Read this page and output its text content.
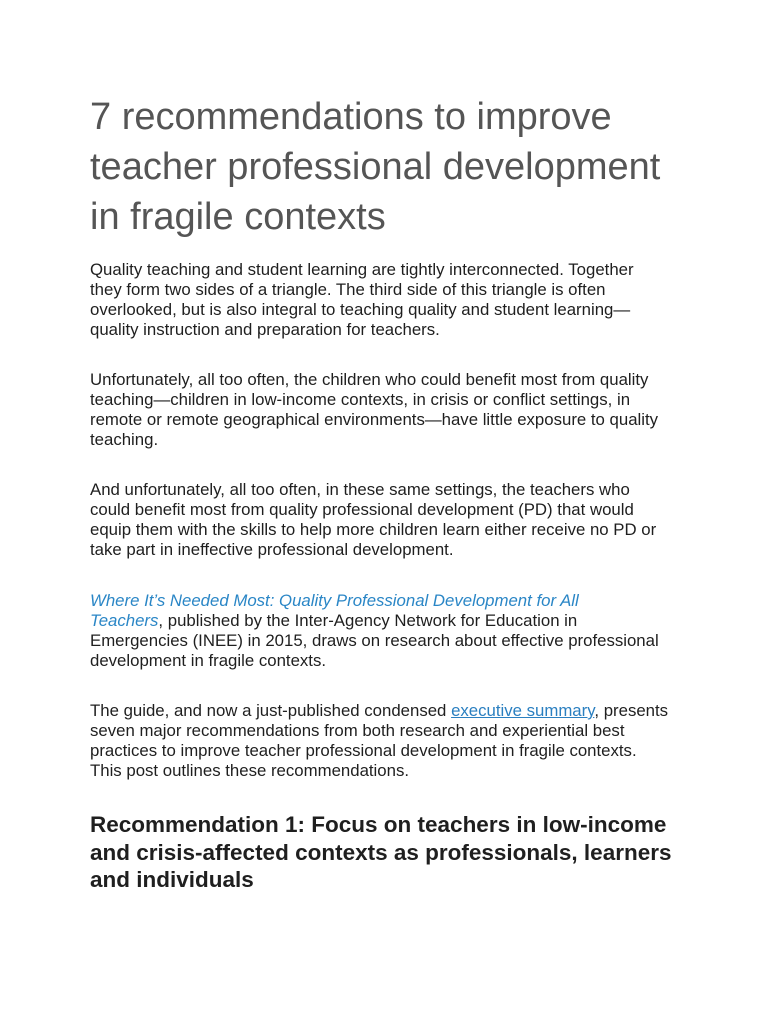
7 recommendations to improve teacher professional development in fragile contexts
Quality teaching and student learning are tightly interconnected. Together
they form two sides of a triangle. The third side of this triangle is often
overlooked, but is also integral to teaching quality and student learning—
quality instruction and preparation for teachers.
Unfortunately, all too often, the children who could benefit most from quality
teaching—children in low-income contexts, in crisis or conflict settings, in
remote or remote geographical environments—have little exposure to quality
teaching.
And unfortunately, all too often, in these same settings, the teachers who
could benefit most from quality professional development (PD) that would
equip them with the skills to help more children learn either receive no PD or
take part in ineffective professional development.
Where It’s Needed Most: Quality Professional Development for All
Teachers, published by the Inter-Agency Network for Education in
Emergencies (INEE) in 2015, draws on research about effective professional
development in fragile contexts.
The guide, and now a just-published condensed executive summary, presents
seven major recommendations from both research and experiential best
practices to improve teacher professional development in fragile contexts.
This post outlines these recommendations.
Recommendation 1: Focus on teachers in low-income and crisis-affected contexts as professionals, learners and individuals
